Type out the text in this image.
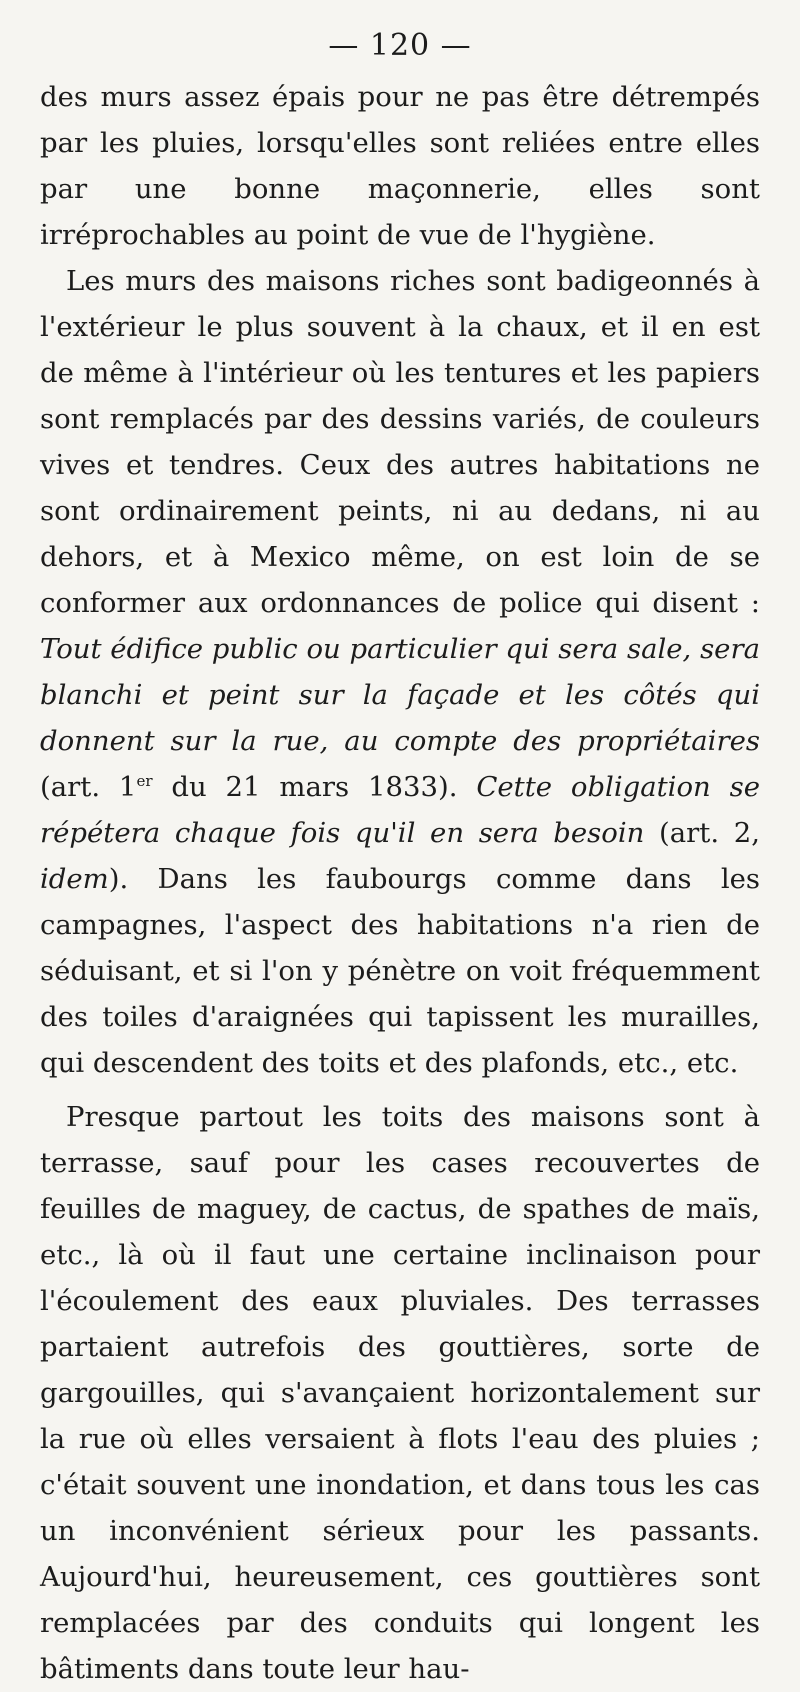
— 120 —

des murs assez épais pour ne pas être détrempés par les pluies, lorsqu'elles sont reliées entre elles par une bonne maçonnerie, elles sont irréprochables au point de vue de l'hygiène.

Les murs des maisons riches sont badigeonnés à l'extérieur le plus souvent à la chaux, et il en est de même à l'intérieur où les tentures et les papiers sont remplacés par des dessins variés, de couleurs vives et tendres. Ceux des autres habitations ne sont ordinairement peints, ni au dedans, ni au dehors, et à Mexico même, on est loin de se conformer aux ordonnances de police qui disent : Tout édifice public ou particulier qui sera sale, sera blanchi et peint sur la façade et les côtés qui donnent sur la rue, au compte des propriétaires (art. 1er du 21 mars 1833). Cette obligation se répétera chaque fois qu'il en sera besoin (art. 2, idem). Dans les faubourgs comme dans les campagnes, l'aspect des habitations n'a rien de séduisant, et si l'on y pénètre on voit fréquemment des toiles d'araignées qui tapissent les murailles, qui descendent des toits et des plafonds, etc., etc.

Presque partout les toits des maisons sont à terrasse, sauf pour les cases recouvertes de feuilles de maguey, de cactus, de spathes de maïs, etc., là où il faut une certaine inclinaison pour l'écoulement des eaux pluviales. Des terrasses partaient autrefois des gouttières, sorte de gargouilles, qui s'avançaient horizontalement sur la rue où elles versaient à flots l'eau des pluies ; c'était souvent une inondation, et dans tous les cas un inconvénient sérieux pour les passants. Aujourd'hui, heureusement, ces gouttières sont remplacées par des conduits qui longent les bâtiments dans toute leur hau-
